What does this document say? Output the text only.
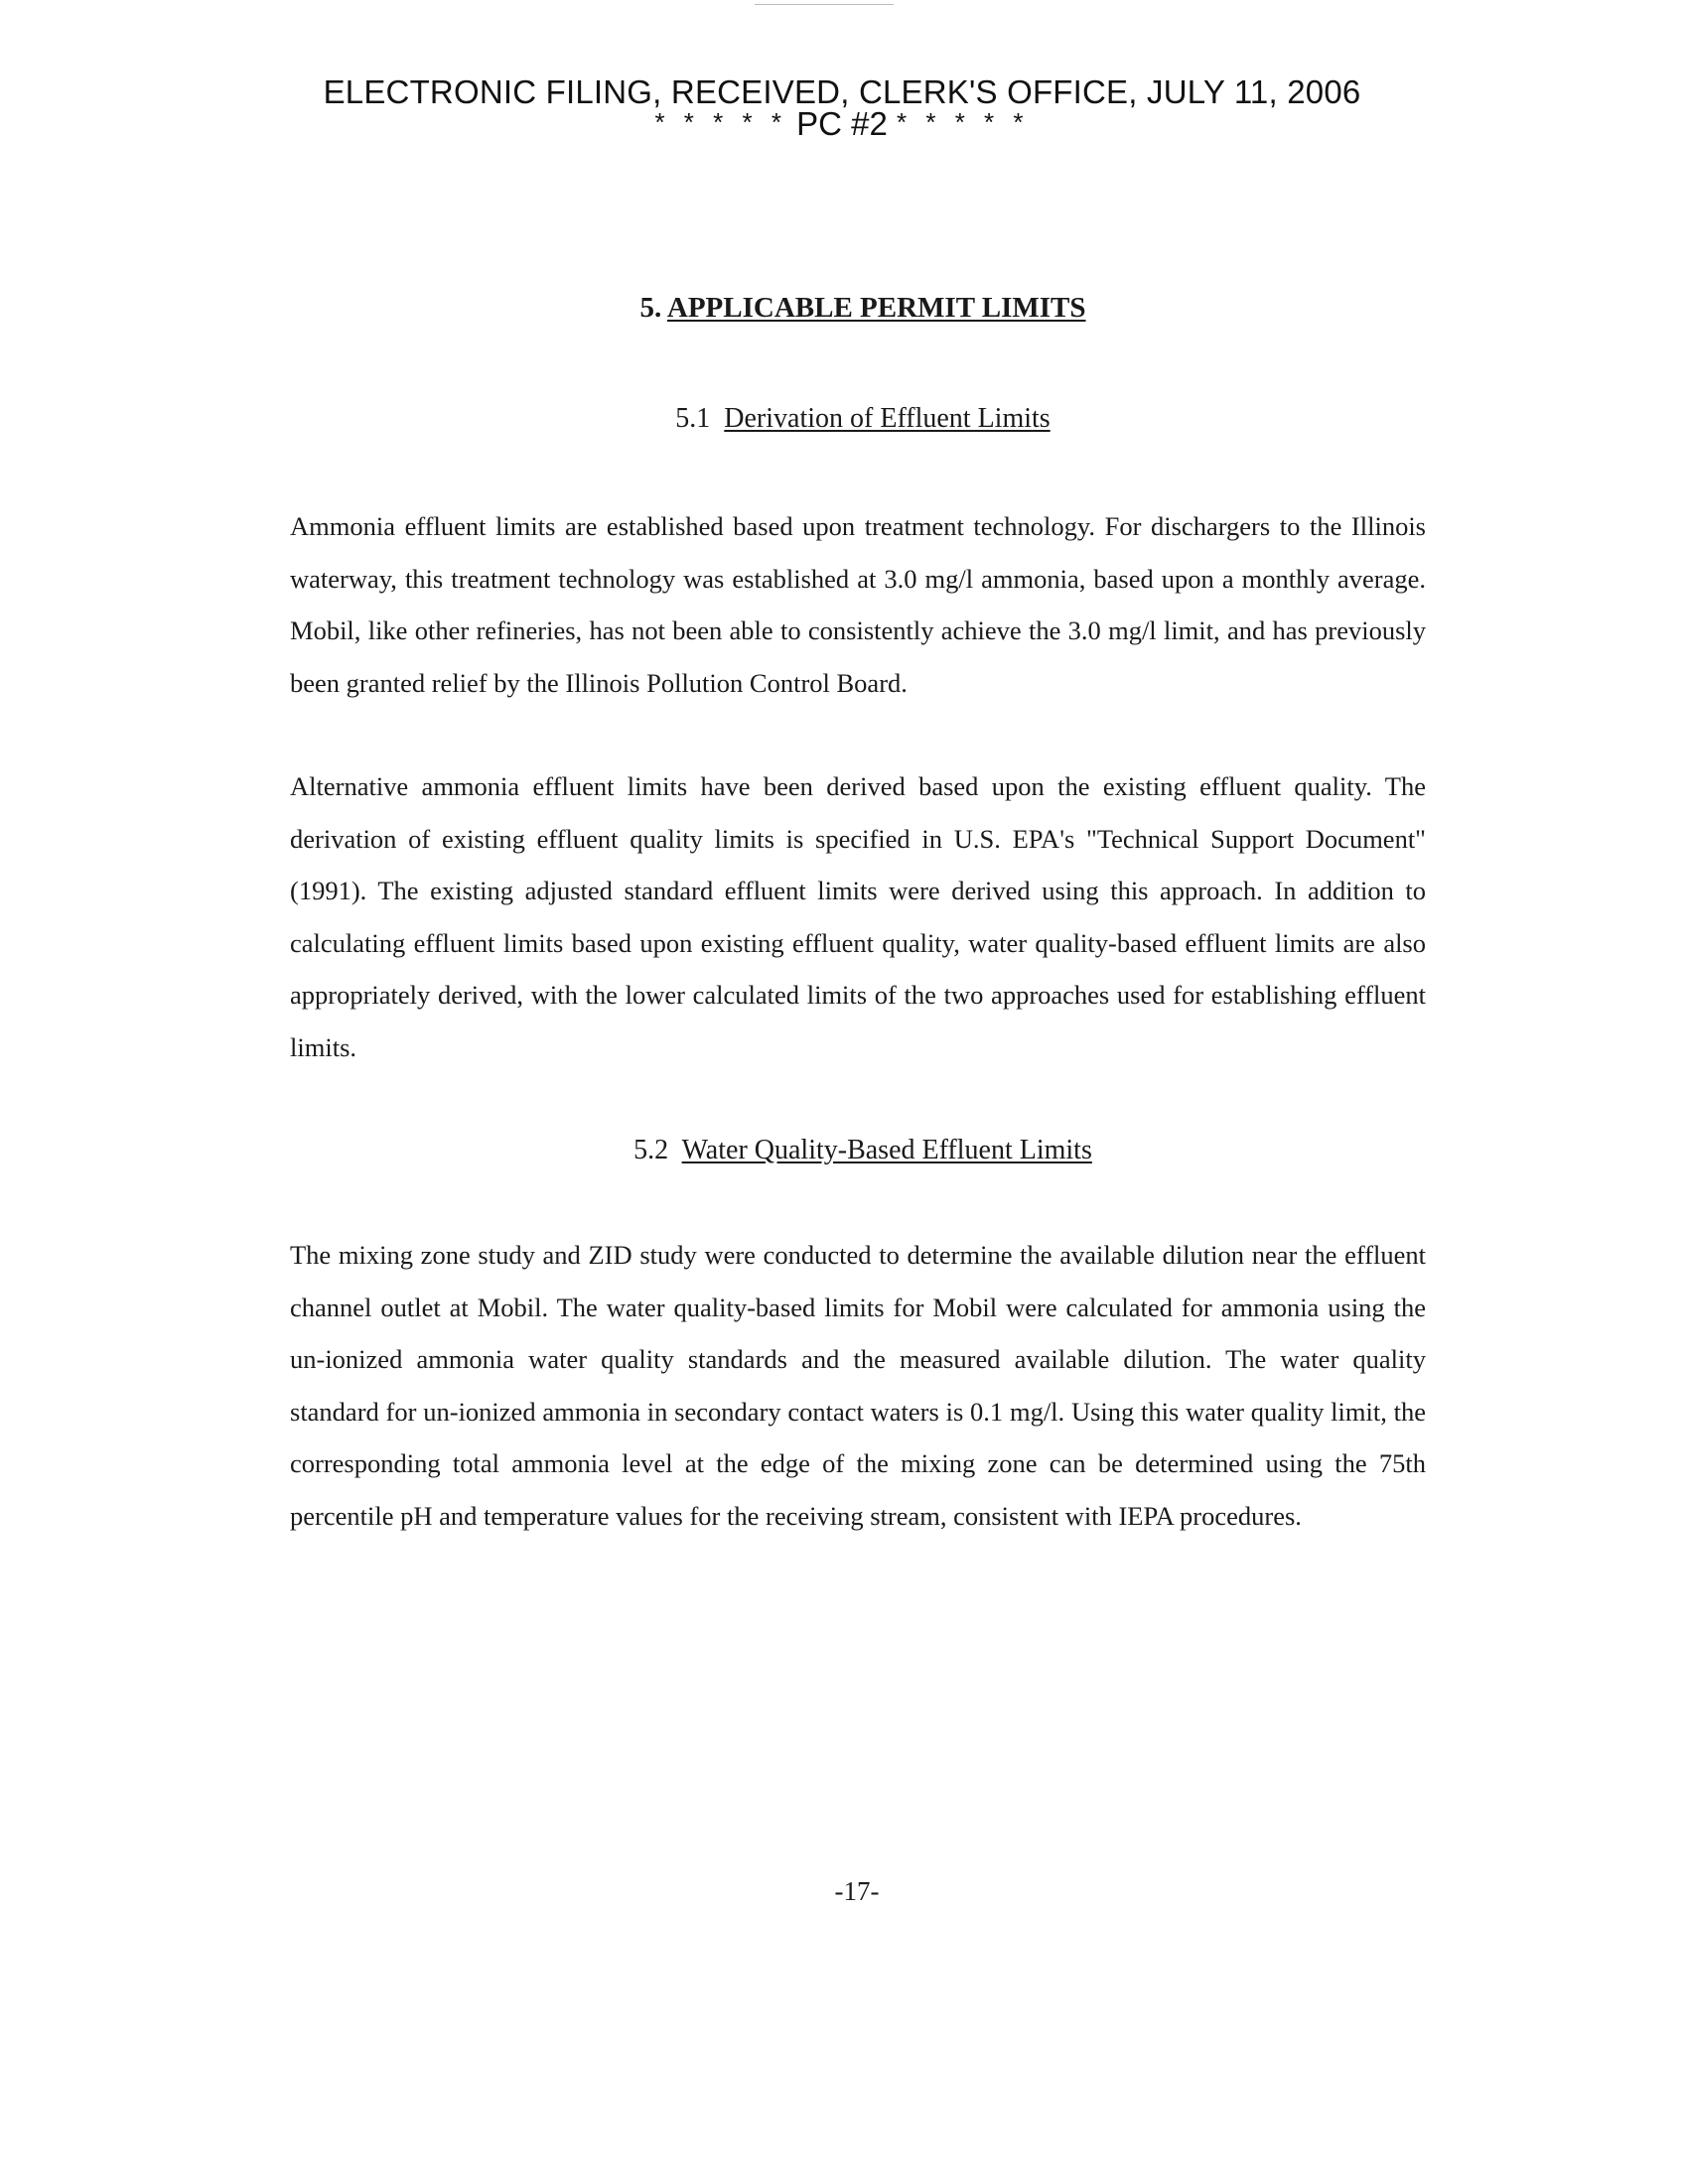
ELECTRONIC FILING, RECEIVED, CLERK'S OFFICE, JULY 11, 2006
* * * * * PC #2 * * * * *
5. APPLICABLE PERMIT LIMITS
5.1 Derivation of Effluent Limits

Ammonia effluent limits are established based upon treatment technology. For dischargers to the Illinois waterway, this treatment technology was established at 3.0 mg/l ammonia, based upon a monthly average. Mobil, like other refineries, has not been able to consistently achieve the 3.0 mg/l limit, and has previously been granted relief by the Illinois Pollution Control Board.

Alternative ammonia effluent limits have been derived based upon the existing effluent quality. The derivation of existing effluent quality limits is specified in U.S. EPA's "Technical Support Document" (1991). The existing adjusted standard effluent limits were derived using this approach. In addition to calculating effluent limits based upon existing effluent quality, water quality-based effluent limits are also appropriately derived, with the lower calculated limits of the two approaches used for establishing effluent limits.

5.2 Water Quality-Based Effluent Limits

The mixing zone study and ZID study were conducted to determine the available dilution near the effluent channel outlet at Mobil. The water quality-based limits for Mobil were calculated for ammonia using the un-ionized ammonia water quality standards and the measured available dilution. The water quality standard for un-ionized ammonia in secondary contact waters is 0.1 mg/l. Using this water quality limit, the corresponding total ammonia level at the edge of the mixing zone can be determined using the 75th percentile pH and temperature values for the receiving stream, consistent with IEPA procedures.

-17-
